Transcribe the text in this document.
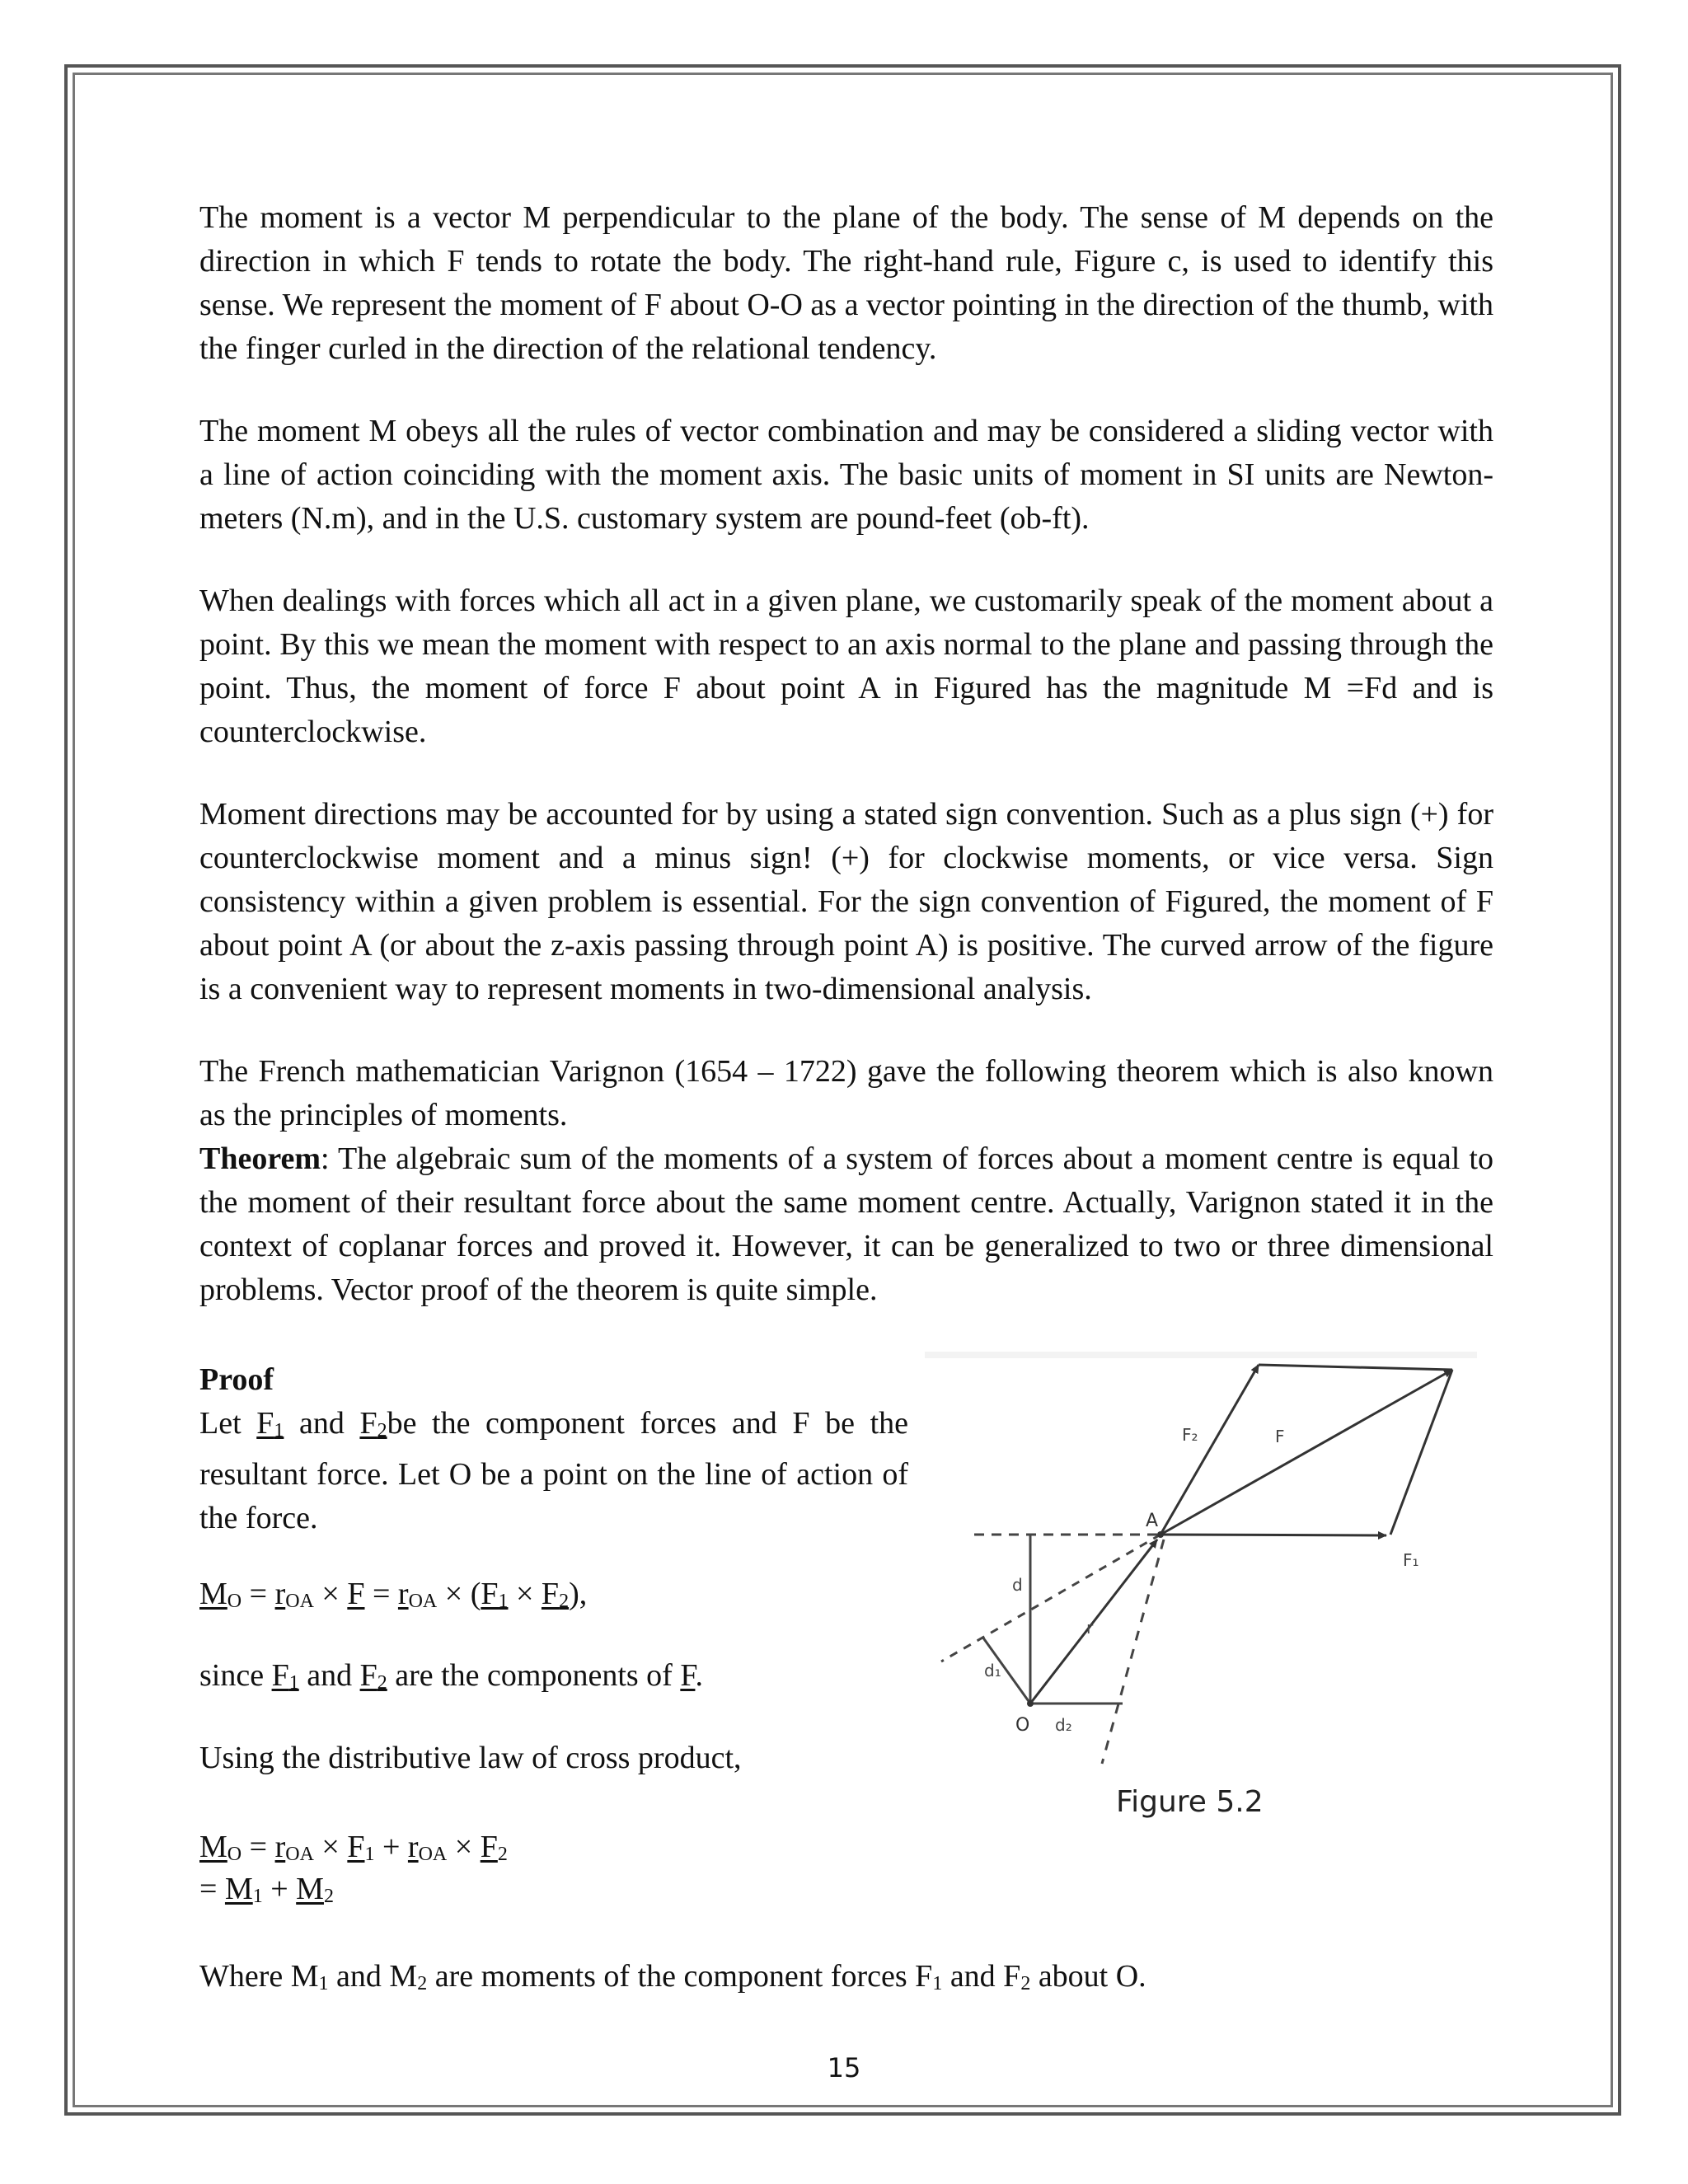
The moment is a vector M perpendicular to the plane of the body. The sense of M depends on the direction in which F tends to rotate the body. The right-hand rule, Figure c, is used to identify this sense. We represent the moment of F about O-O as a vector pointing in the direction of the thumb, with the finger curled in the direction of the relational tendency.

The moment M obeys all the rules of vector combination and may be considered a sliding vector with a line of action coinciding with the moment axis. The basic units of moment in SI units are Newton-meters (N.m), and in the U.S. customary system are pound-feet (ob-ft).

When dealings with forces which all act in a given plane, we customarily speak of the moment about a point. By this we mean the moment with respect to an axis normal to the plane and passing through the point. Thus, the moment of force F about point A in Figured has the magnitude M =Fd and is counterclockwise.

Moment directions may be accounted for by using a stated sign convention. Such as a plus sign (+) for counterclockwise moment and a minus sign! (+) for clockwise moments, or vice versa. Sign consistency within a given problem is essential. For the sign convention of Figured, the moment of F about point A (or about the z-axis passing through point A) is positive. The curved arrow of the figure is a convenient way to represent moments in two-dimensional analysis.

The French mathematician Varignon (1654 – 1722) gave the following theorem which is also known as the principles of moments.

Theorem: The algebraic sum of the moments of a system of forces about a moment centre is equal to the moment of their resultant force about the same moment centre. Actually, Varignon stated it in the context of coplanar forces and proved it. However, it can be generalized to two or three dimensional problems. Vector proof of the theorem is quite simple.

Proof

Let $F_1$ and $F_2be$ the component forces and F be the resultant force. Let O be a point on the line of action of the force.

$M_O = r_{OA} \times F = r_{OA} \times (F_1 \times F_2)$,

since $F_1$ and $F_2$ are the components of F.

Using the distributive law of cross product,

$M_O = r_{OA} \times F_1 + r_{OA} \times F_2$

= $M_1 + M_2$

Where $M_1$ and $M_2$ are moments of the component forces $F_1$ and $F_2$ about O.

A
O
F
F₁
F₂
r
d
d₁
d₂
Figure 5.2
15
